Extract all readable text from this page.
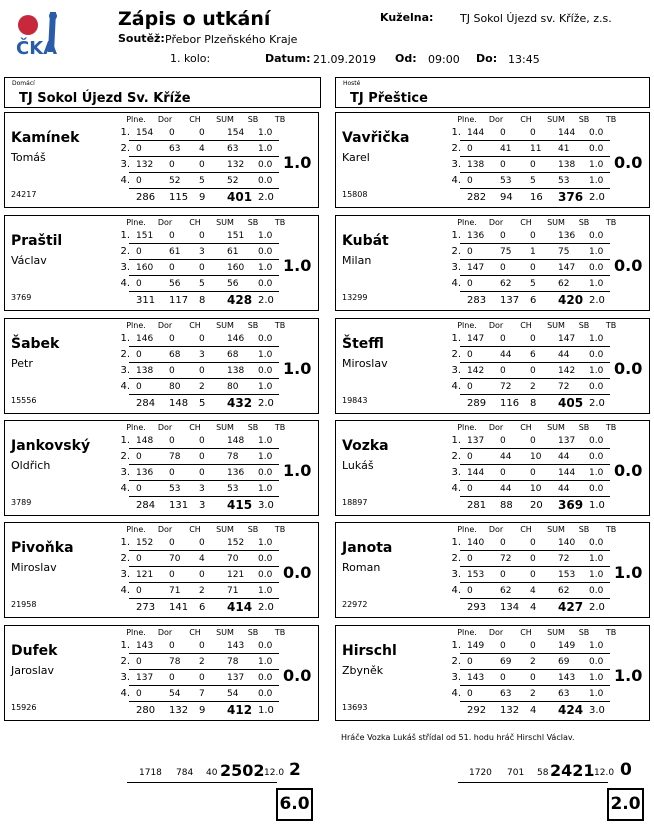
ČKA
Zápis o utkání	Kuželna: TJ Sokol Újezd sv. Kříže, z.s.
Soutěž: Přebor Plzeňského Kraje
1. kolo:	Datum: 21.09.2019 Od: 09:00 Do: 13:45
Domácí
TJ Sokol Újezd Sv. Kříže
Hosté
TJ Přeštice
Plne.	Dor	CH	SUM	SB	TB
Kamínek
Tomáš
24217
1. 154 0	0 154 1.0
2. 0	63 4 63 1.0
3. 132 0	0 132 0.0
4. 0	52 5 52 0.0
286 115 9 401 2.0
1.0
Plne.	Dor	CH	SUM	SB	TB
Praštil
Václav
3769
1. 151 0	0 151 1.0
2. 0	61 3 61 0.0
3. 160 0	0 160 1.0
4. 0	56 5 56 0.0
311 117 8 428 2.0
1.0
Plne.	Dor	CH	SUM	SB	TB
Šabek
Petr
15556
1. 146 0	0 146 0.0
2. 0	68 3 68 1.0
3. 138 0	0 138 0.0
4. 0	80 2 80 1.0
284 148 5 432 2.0
1.0
Plne.	Dor	CH	SUM	SB	TB
Jankovský
Oldřich
3789
1. 148 0	0 148 1.0
2. 0	78 0 78 1.0
3. 136 0	0 136 0.0
4. 0	53 3 53 1.0
284 131 3 415 3.0
1.0
Plne.	Dor	CH	SUM	SB	TB
Pivoňka
Miroslav
21958
1. 152 0	0 152 1.0
2. 0	70 4 70 0.0
3. 121 0	0 121 0.0
4. 0	71 2 71 1.0
273 141 6 414 2.0
0.0
Plne.	Dor	CH	SUM	SB	TB
Dufek
Jaroslav
15926
1. 143 0	0 143 0.0
2. 0	78 2 78 1.0
3. 137 0	0 137 0.0
4. 0	54 7 54 0.0
280 132 9 412 1.0
0.0
Plne.	Dor	CH	SUM	SB	TB
Vavřička
Karel
15808
1. 144 0	0 144 0.0
2. 0	41 11 41 0.0
3. 138 0	0 138 1.0
4. 0	53 5 53 1.0
282 94 16 376 2.0
0.0
Plne.	Dor	CH	SUM	SB	TB
Kubát
Milan
13299
1. 136 0	0 136 0.0
2. 0	75 1 75 1.0
3. 147 0	0 147 0.0
4. 0	62 5 62 1.0
283 137 6 420 2.0
0.0
Plne.	Dor	CH	SUM	SB	TB
Šteffl
Miroslav
19843
1. 147 0	0 147 1.0
2. 0	44 6 44 0.0
3. 142 0	0 142 1.0
4. 0	72 2 72 0.0
289 116 8 405 2.0
0.0
Plne.	Dor	CH	SUM	SB	TB
Vozka
Lukáš
18897
1. 137 0	0 137 0.0
2. 0	44 10 44 0.0
3. 144 0	0 144 1.0
4. 0	44 10 44 0.0
281 88 20 369 1.0
0.0
Plne.	Dor	CH	SUM	SB	TB
Janota
Roman
22972
1. 140 0	0 140 0.0
2. 0	72 0 72 1.0
3. 153 0	0 153 1.0
4. 0	62 4 62 0.0
293 134 4 427 2.0
1.0
Plne.	Dor	CH	SUM	SB	TB
Hirschl
Zbyněk
13693
1. 149 0	0 149 1.0
2. 0	69 2 69 0.0
3. 143 0	0 143 1.0
4. 0	63 2 63 1.0
292 132 4 424 3.0
1.0
Hráče Vozka Lukáš střídal od 51. hodu hráč Hirschl Václav.
1718 784 40 2502 12.0 2	1720 701 58 2421 12.0 0
6.0	2.0
